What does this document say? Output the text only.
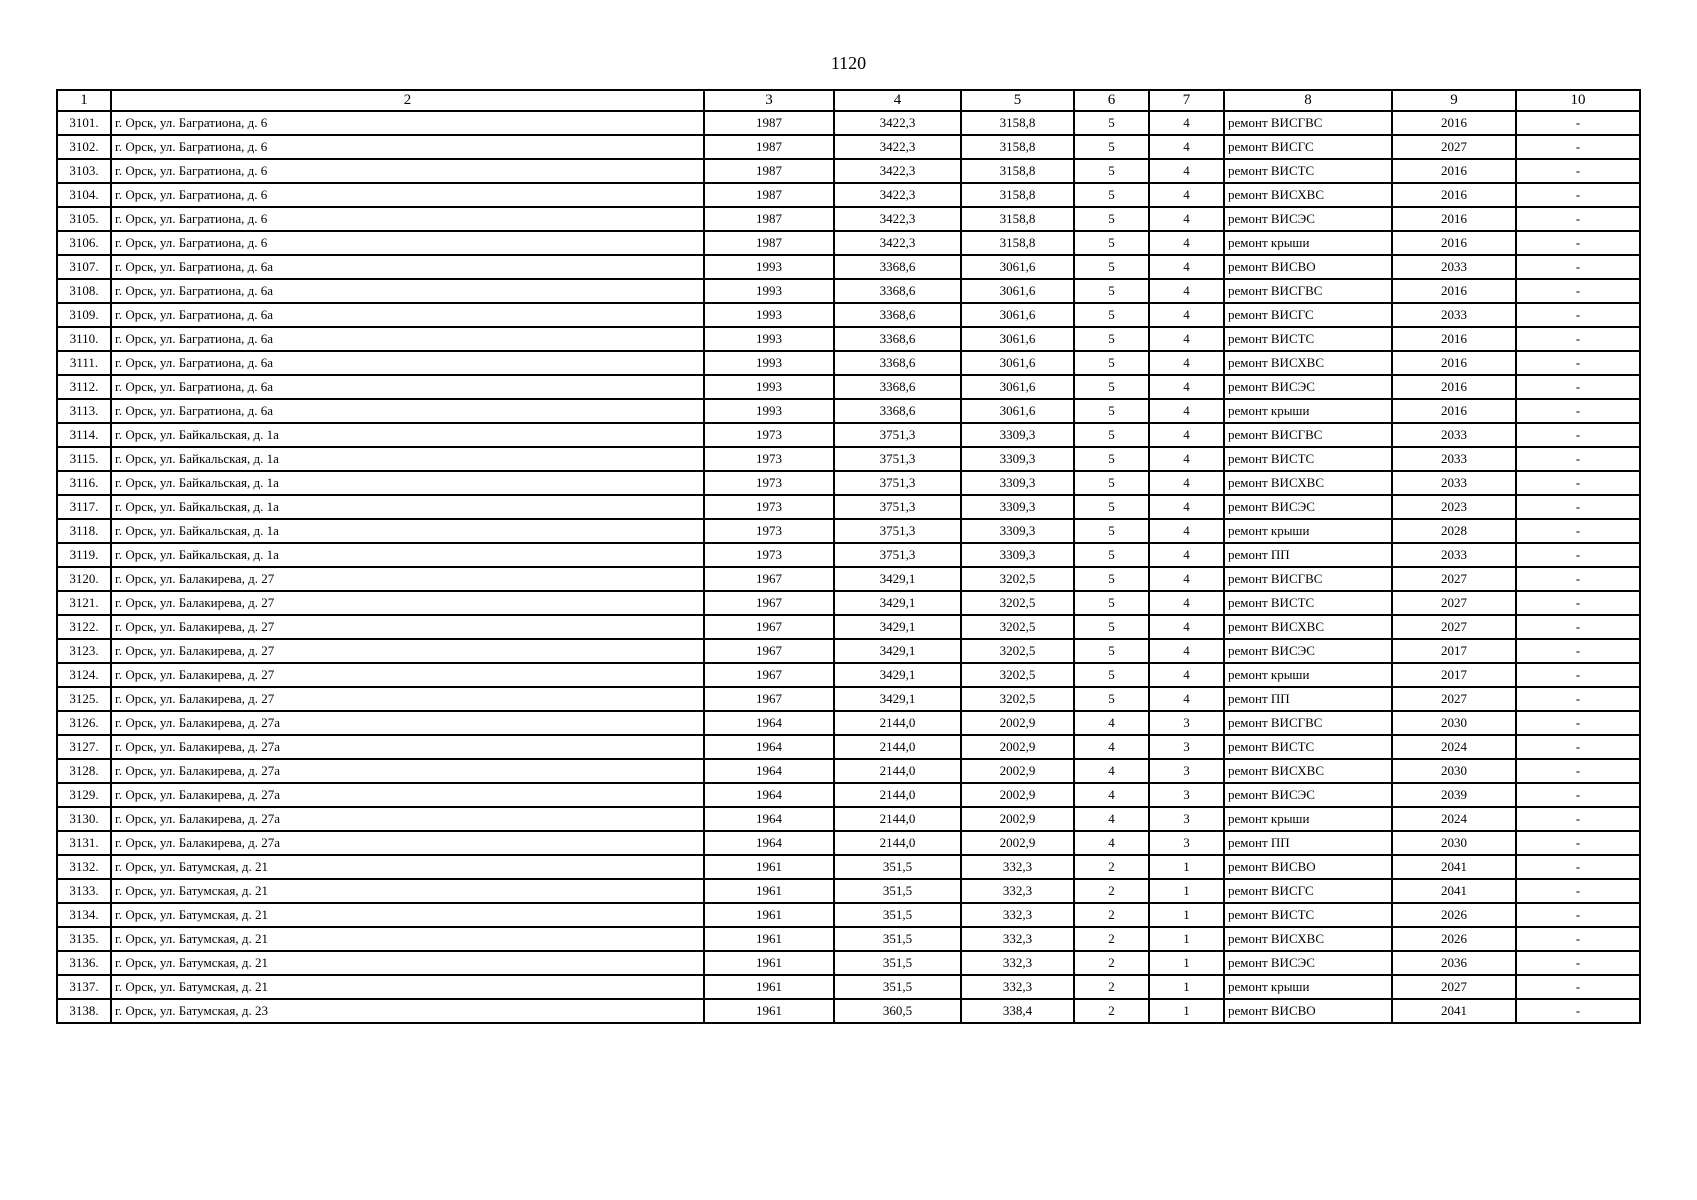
1120
1	2	3	4	5	6	7	8	9	10
3101.	г. Орск, ул. Багратиона, д. 6	1987	3422,3	3158,8	5	4	ремонт ВИСГВС	2016	-
3102.	г. Орск, ул. Багратиона, д. 6	1987	3422,3	3158,8	5	4	ремонт ВИСГС	2027	-
3103.	г. Орск, ул. Багратиона, д. 6	1987	3422,3	3158,8	5	4	ремонт ВИСТС	2016	-
3104.	г. Орск, ул. Багратиона, д. 6	1987	3422,3	3158,8	5	4	ремонт ВИСХВС	2016	-
3105.	г. Орск, ул. Багратиона, д. 6	1987	3422,3	3158,8	5	4	ремонт ВИСЭС	2016	-
3106.	г. Орск, ул. Багратиона, д. 6	1987	3422,3	3158,8	5	4	ремонт крыши	2016	-
3107.	г. Орск, ул. Багратиона, д. 6а	1993	3368,6	3061,6	5	4	ремонт ВИСВО	2033	-
3108.	г. Орск, ул. Багратиона, д. 6а	1993	3368,6	3061,6	5	4	ремонт ВИСГВС	2016	-
3109.	г. Орск, ул. Багратиона, д. 6а	1993	3368,6	3061,6	5	4	ремонт ВИСГС	2033	-
3110.	г. Орск, ул. Багратиона, д. 6а	1993	3368,6	3061,6	5	4	ремонт ВИСТС	2016	-
3111.	г. Орск, ул. Багратиона, д. 6а	1993	3368,6	3061,6	5	4	ремонт ВИСХВС	2016	-
3112.	г. Орск, ул. Багратиона, д. 6а	1993	3368,6	3061,6	5	4	ремонт ВИСЭС	2016	-
3113.	г. Орск, ул. Багратиона, д. 6а	1993	3368,6	3061,6	5	4	ремонт крыши	2016	-
3114.	г. Орск, ул. Байкальская, д. 1а	1973	3751,3	3309,3	5	4	ремонт ВИСГВС	2033	-
3115.	г. Орск, ул. Байкальская, д. 1а	1973	3751,3	3309,3	5	4	ремонт ВИСТС	2033	-
3116.	г. Орск, ул. Байкальская, д. 1а	1973	3751,3	3309,3	5	4	ремонт ВИСХВС	2033	-
3117.	г. Орск, ул. Байкальская, д. 1а	1973	3751,3	3309,3	5	4	ремонт ВИСЭС	2023	-
3118.	г. Орск, ул. Байкальская, д. 1а	1973	3751,3	3309,3	5	4	ремонт крыши	2028	-
3119.	г. Орск, ул. Байкальская, д. 1а	1973	3751,3	3309,3	5	4	ремонт ПП	2033	-
3120.	г. Орск, ул. Балакирева, д. 27	1967	3429,1	3202,5	5	4	ремонт ВИСГВС	2027	-
3121.	г. Орск, ул. Балакирева, д. 27	1967	3429,1	3202,5	5	4	ремонт ВИСТС	2027	-
3122.	г. Орск, ул. Балакирева, д. 27	1967	3429,1	3202,5	5	4	ремонт ВИСХВС	2027	-
3123.	г. Орск, ул. Балакирева, д. 27	1967	3429,1	3202,5	5	4	ремонт ВИСЭС	2017	-
3124.	г. Орск, ул. Балакирева, д. 27	1967	3429,1	3202,5	5	4	ремонт крыши	2017	-
3125.	г. Орск, ул. Балакирева, д. 27	1967	3429,1	3202,5	5	4	ремонт ПП	2027	-
3126.	г. Орск, ул. Балакирева, д. 27а	1964	2144,0	2002,9	4	3	ремонт ВИСГВС	2030	-
3127.	г. Орск, ул. Балакирева, д. 27а	1964	2144,0	2002,9	4	3	ремонт ВИСТС	2024	-
3128.	г. Орск, ул. Балакирева, д. 27а	1964	2144,0	2002,9	4	3	ремонт ВИСХВС	2030	-
3129.	г. Орск, ул. Балакирева, д. 27а	1964	2144,0	2002,9	4	3	ремонт ВИСЭС	2039	-
3130.	г. Орск, ул. Балакирева, д. 27а	1964	2144,0	2002,9	4	3	ремонт крыши	2024	-
3131.	г. Орск, ул. Балакирева, д. 27а	1964	2144,0	2002,9	4	3	ремонт ПП	2030	-
3132.	г. Орск, ул. Батумская, д. 21	1961	351,5	332,3	2	1	ремонт ВИСВО	2041	-
3133.	г. Орск, ул. Батумская, д. 21	1961	351,5	332,3	2	1	ремонт ВИСГС	2041	-
3134.	г. Орск, ул. Батумская, д. 21	1961	351,5	332,3	2	1	ремонт ВИСТС	2026	-
3135.	г. Орск, ул. Батумская, д. 21	1961	351,5	332,3	2	1	ремонт ВИСХВС	2026	-
3136.	г. Орск, ул. Батумская, д. 21	1961	351,5	332,3	2	1	ремонт ВИСЭС	2036	-
3137.	г. Орск, ул. Батумская, д. 21	1961	351,5	332,3	2	1	ремонт крыши	2027	-
3138.	г. Орск, ул. Батумская, д. 23	1961	360,5	338,4	2	1	ремонт ВИСВО	2041	-
